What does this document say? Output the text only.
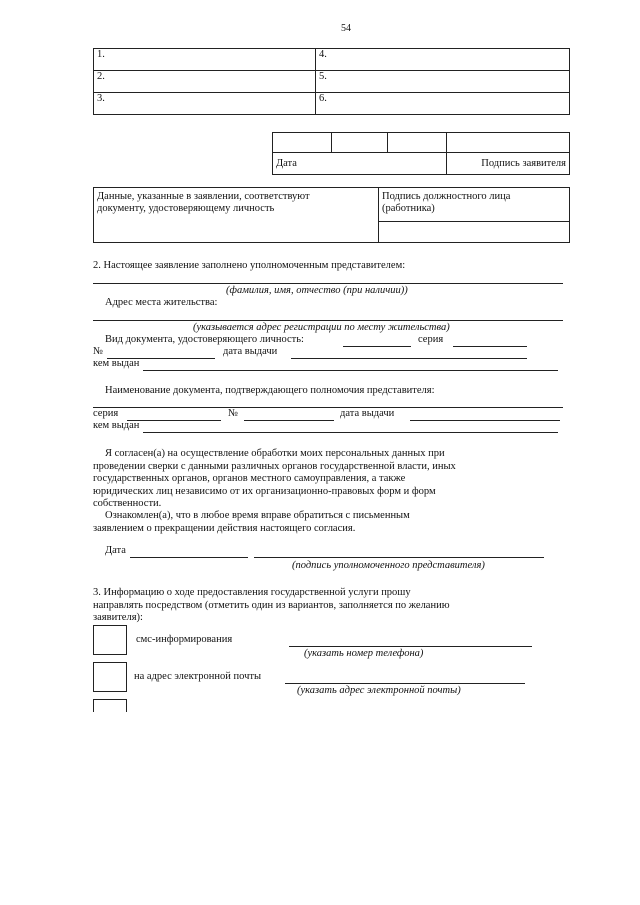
54
1.	4.
2.	5.
3.	6.

Дата			Подпись заявителя
Данные, указанные в заявлении, соответствуют
документу, удостоверяющему личность	Подпись должностного лица
(работника)

2. Настоящее заявление заполнено уполномоченным представителем:
(фамилия, имя, отчество (при наличии))
Адрес места жительства:
(указывается адрес регистрации по месту жительства)
Вид документа, удостоверяющего личность:	серия
№	дата выдачи
кем выдан
Наименование документа, подтверждающего полномочия представителя:
серия	№	дата выдачи
кем выдан
Я согласен(а) на осуществление обработки моих персональных данных при
проведении сверки с данными различных органов государственной власти, иных
государственных органов, органов местного самоуправления, а также
юридических лиц независимо от их организационно-правовых форм и форм
собственности.
Ознакомлен(а), что в любое время вправе обратиться с письменным
заявлением о прекращении действия настоящего согласия.
Дата
(подпись уполномоченного представителя)
3. Информацию о ходе предоставления государственной услуги прошу
направлять посредством (отметить один из вариантов, заполняется по желанию
заявителя):
смс-информирования
(указать номер телефона)
на адрес электронной почты
(указать адрес электронной почты)
